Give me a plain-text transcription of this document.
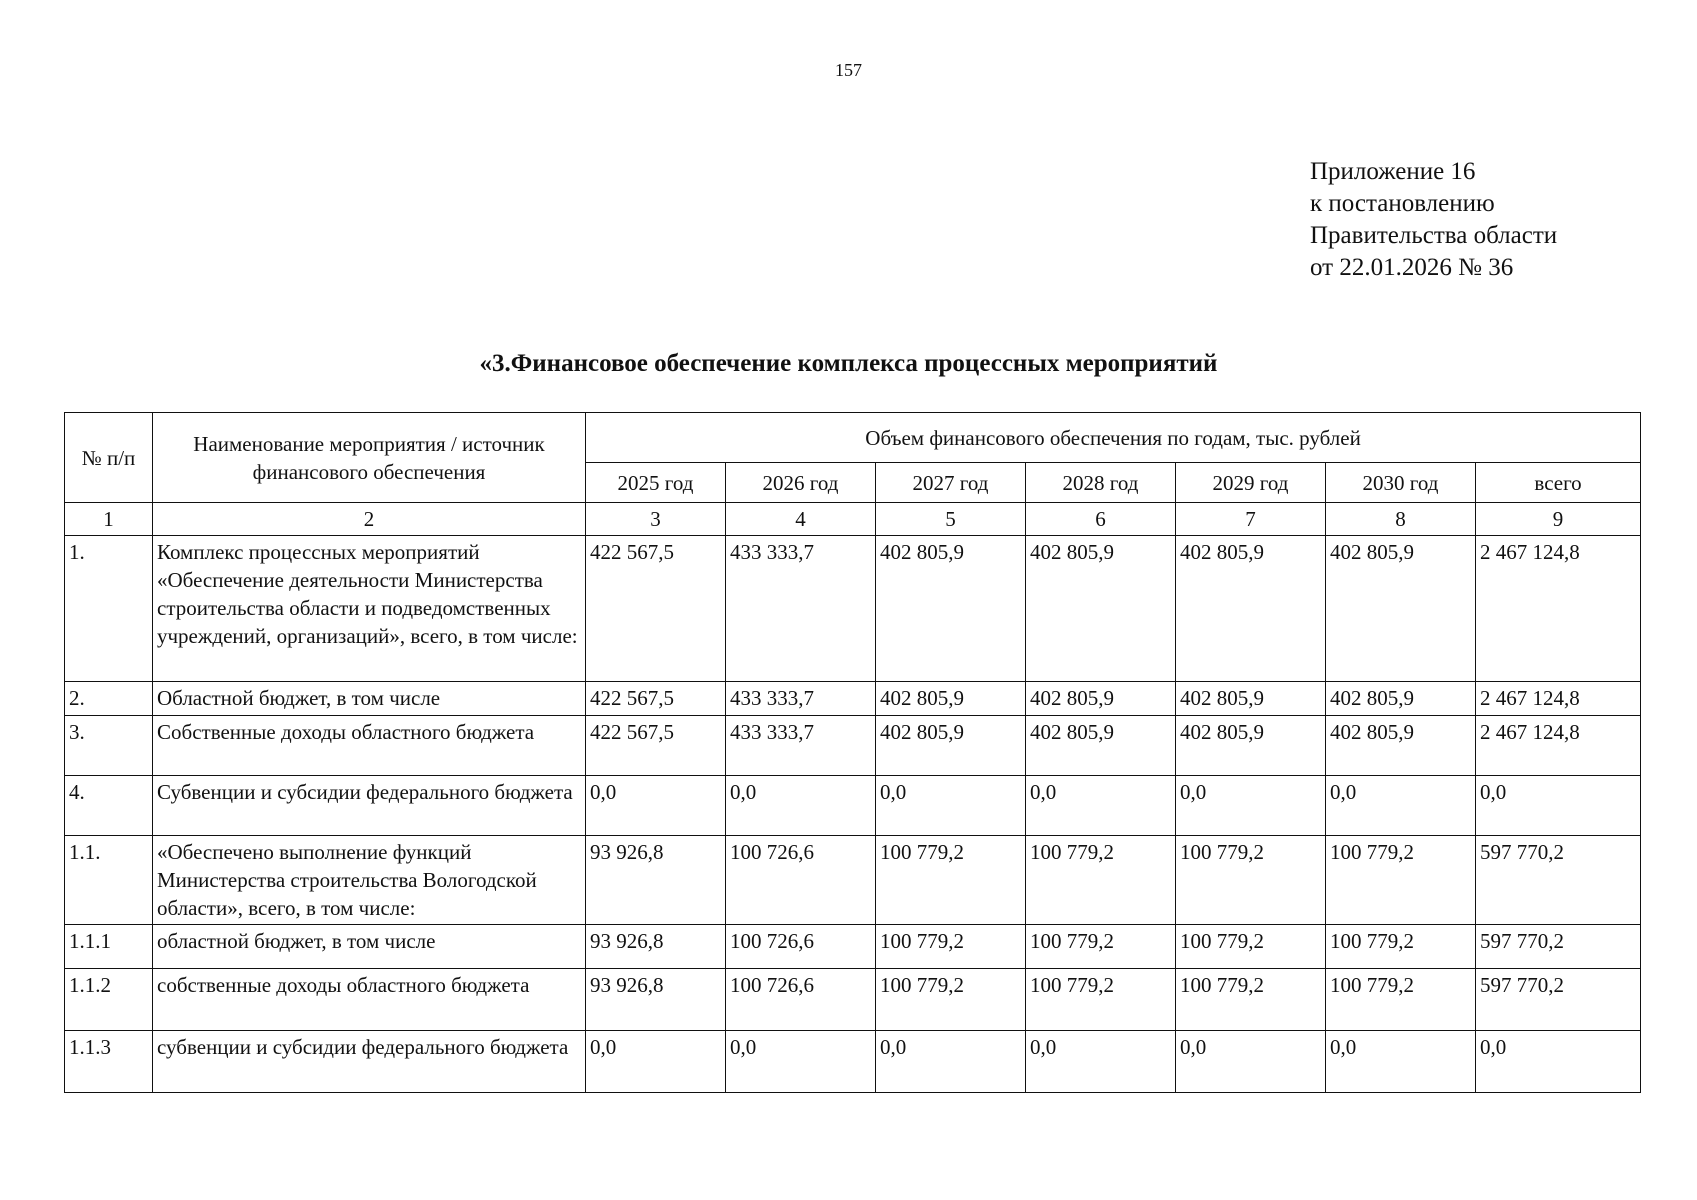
157
Приложение 16
к постановлению
Правительства области
от 22.01.2026 № 36
«3.Финансовое обеспечение комплекса процессных мероприятий
№ п/п	Наименование мероприятия / источник финансового обеспечения	Объем финансового обеспечения по годам, тыс. рублей						
		2025 год	2026 год	2027 год	2028 год	2029 год	2030 год	всего
1	2	3	4	5	6	7	8	9
1.	Комплекс процессных мероприятий «Обеспечение деятельности Министерства строительства области и подведомственных учреждений, организаций», всего, в том числе:	422 567,5	433 333,7	402 805,9	402 805,9	402 805,9	402 805,9	2 467 124,8
2.	Областной бюджет, в том числе	422 567,5	433 333,7	402 805,9	402 805,9	402 805,9	402 805,9	2 467 124,8
3.	Собственные доходы областного бюджета	422 567,5	433 333,7	402 805,9	402 805,9	402 805,9	402 805,9	2 467 124,8
4.	Субвенции и субсидии федерального бюджета	0,0	0,0	0,0	0,0	0,0	0,0	0,0
1.1.	«Обеспечено выполнение функций Министерства строительства Вологодской области», всего, в том числе:	93 926,8	100 726,6	100 779,2	100 779,2	100 779,2	100 779,2	597 770,2
1.1.1	областной бюджет, в том числе	93 926,8	100 726,6	100 779,2	100 779,2	100 779,2	100 779,2	597 770,2
1.1.2	собственные доходы областного бюджета	93 926,8	100 726,6	100 779,2	100 779,2	100 779,2	100 779,2	597 770,2
1.1.3	субвенции и субсидии федерального бюджета	0,0	0,0	0,0	0,0	0,0	0,0	0,0
